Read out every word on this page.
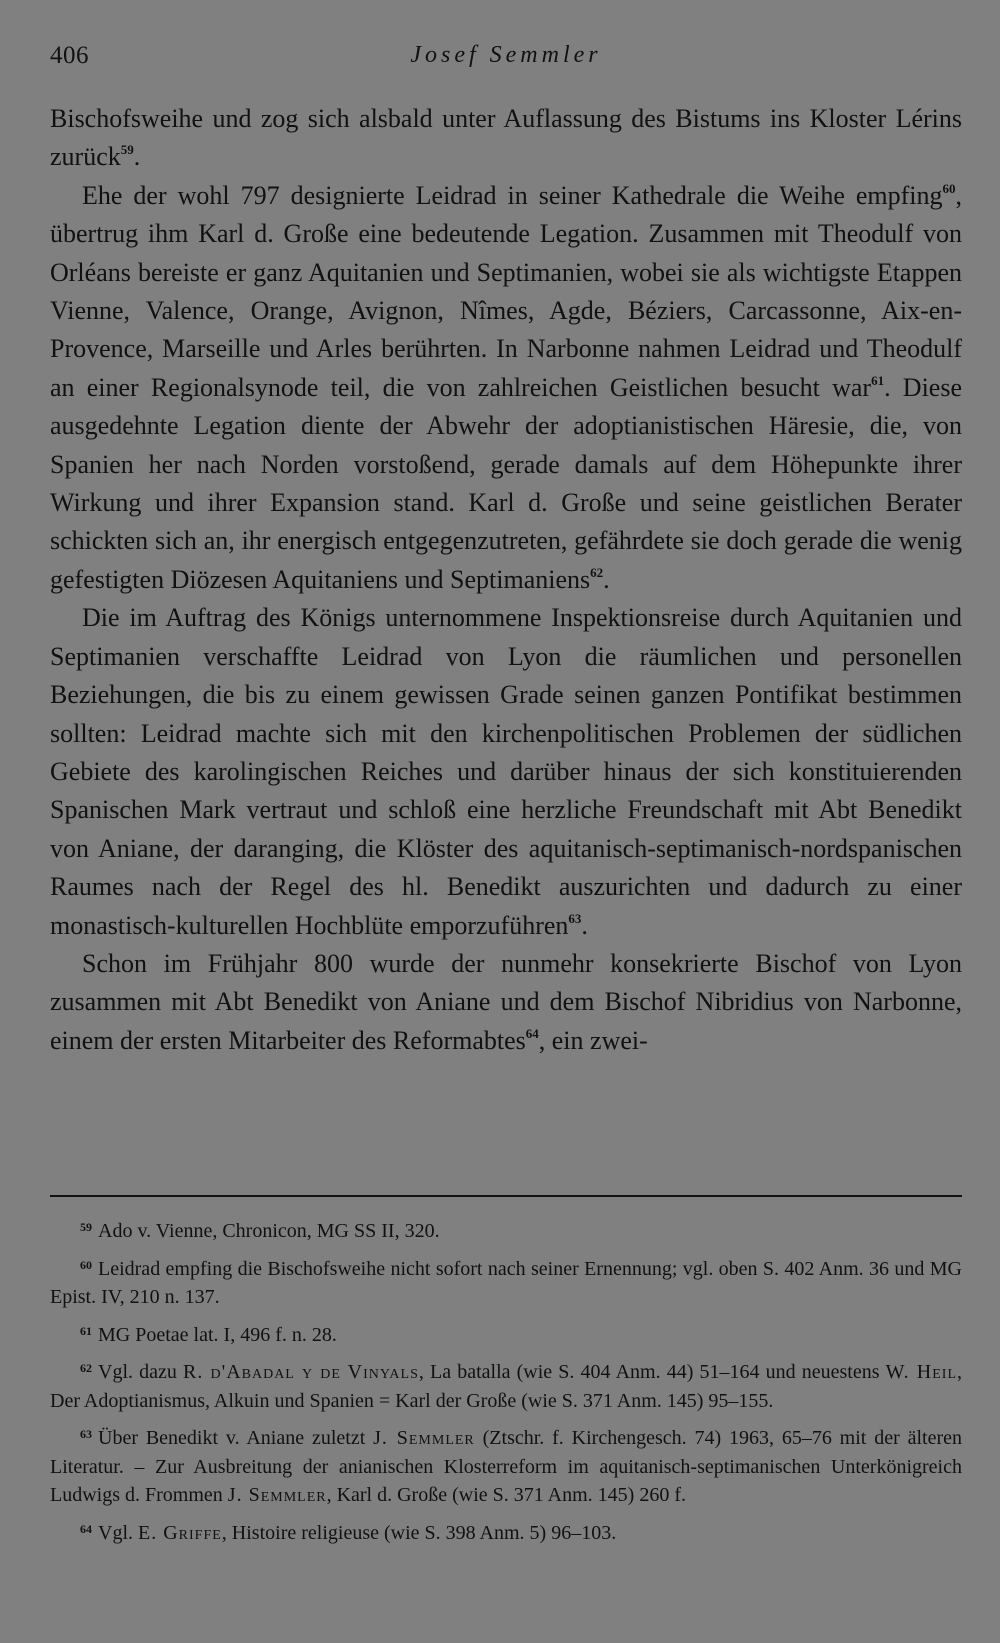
406	Josef Semmler

Bischofsweihe und zog sich alsbald unter Auflassung des Bistums ins Kloster Lérins zurück$^{59}$.

Ehe der wohl 797 designierte Leidrad in seiner Kathedrale die Weihe empfing$^{60}$, übertrug ihm Karl d. Große eine bedeutende Legation. Zusammen mit Theodulf von Orléans bereiste er ganz Aquitanien und Septimanien, wobei sie als wichtigste Etappen Vienne, Valence, Orange, Avignon, Nîmes, Agde, Béziers, Carcassonne, Aix-en-Provence, Marseille und Arles berührten. In Narbonne nahmen Leidrad und Theodulf an einer Regionalsynode teil, die von zahlreichen Geistlichen besucht war$^{61}$. Diese ausgedehnte Legation diente der Abwehr der adoptianistischen Häresie, die, von Spanien her nach Norden vorstoßend, gerade damals auf dem Höhepunkte ihrer Wirkung und ihrer Expansion stand. Karl d. Große und seine geistlichen Berater schickten sich an, ihr energisch entgegenzutreten, gefährdete sie doch gerade die wenig gefestigten Diözesen Aquitaniens und Septimaniens$^{62}$.

Die im Auftrag des Königs unternommene Inspektionsreise durch Aquitanien und Septimanien verschaffte Leidrad von Lyon die räumlichen und personellen Beziehungen, die bis zu einem gewissen Grade seinen ganzen Pontifikat bestimmen sollten: Leidrad machte sich mit den kirchenpolitischen Problemen der südlichen Gebiete des karolingischen Reiches und darüber hinaus der sich konstituierenden Spanischen Mark vertraut und schloß eine herzliche Freundschaft mit Abt Benedikt von Aniane, der daranging, die Klöster des aquitanisch-septimanisch-nordspanischen Raumes nach der Regel des hl. Benedikt auszurichten und dadurch zu einer monastisch-kulturellen Hochblüte emporzuführen$^{63}$.

Schon im Frühjahr 800 wurde der nunmehr konsekrierte Bischof von Lyon zusammen mit Abt Benedikt von Aniane und dem Bischof Nibridius von Narbonne, einem der ersten Mitarbeiter des Reformabtes$^{64}$, ein zwei-

$^{59}$ Ado v. Vienne, Chronicon, MG SS II, 320.

$^{60}$ Leidrad empfing die Bischofsweihe nicht sofort nach seiner Ernennung; vgl. oben S. 402 Anm. 36 und MG Epist. IV, 210 n. 137.

$^{61}$ MG Poetae lat. I, 496 f. n. 28.

$^{62}$ Vgl. dazu R. d'Abadal y de Vinyals, La batalla (wie S. 404 Anm. 44) 51–164 und neuestens W. Heil, Der Adoptianismus, Alkuin und Spanien = Karl der Große (wie S. 371 Anm. 145) 95–155.

$^{63}$ Über Benedikt v. Aniane zuletzt J. Semmler (Ztschr. f. Kirchengesch. 74) 1963, 65–76 mit der älteren Literatur. – Zur Ausbreitung der anianischen Klosterreform im aquitanisch-septimanischen Unterkönigreich Ludwigs d. Frommen J. Semmler, Karl d. Große (wie S. 371 Anm. 145) 260 f.

$^{64}$ Vgl. E. Griffe, Histoire religieuse (wie S. 398 Anm. 5) 96–103.
